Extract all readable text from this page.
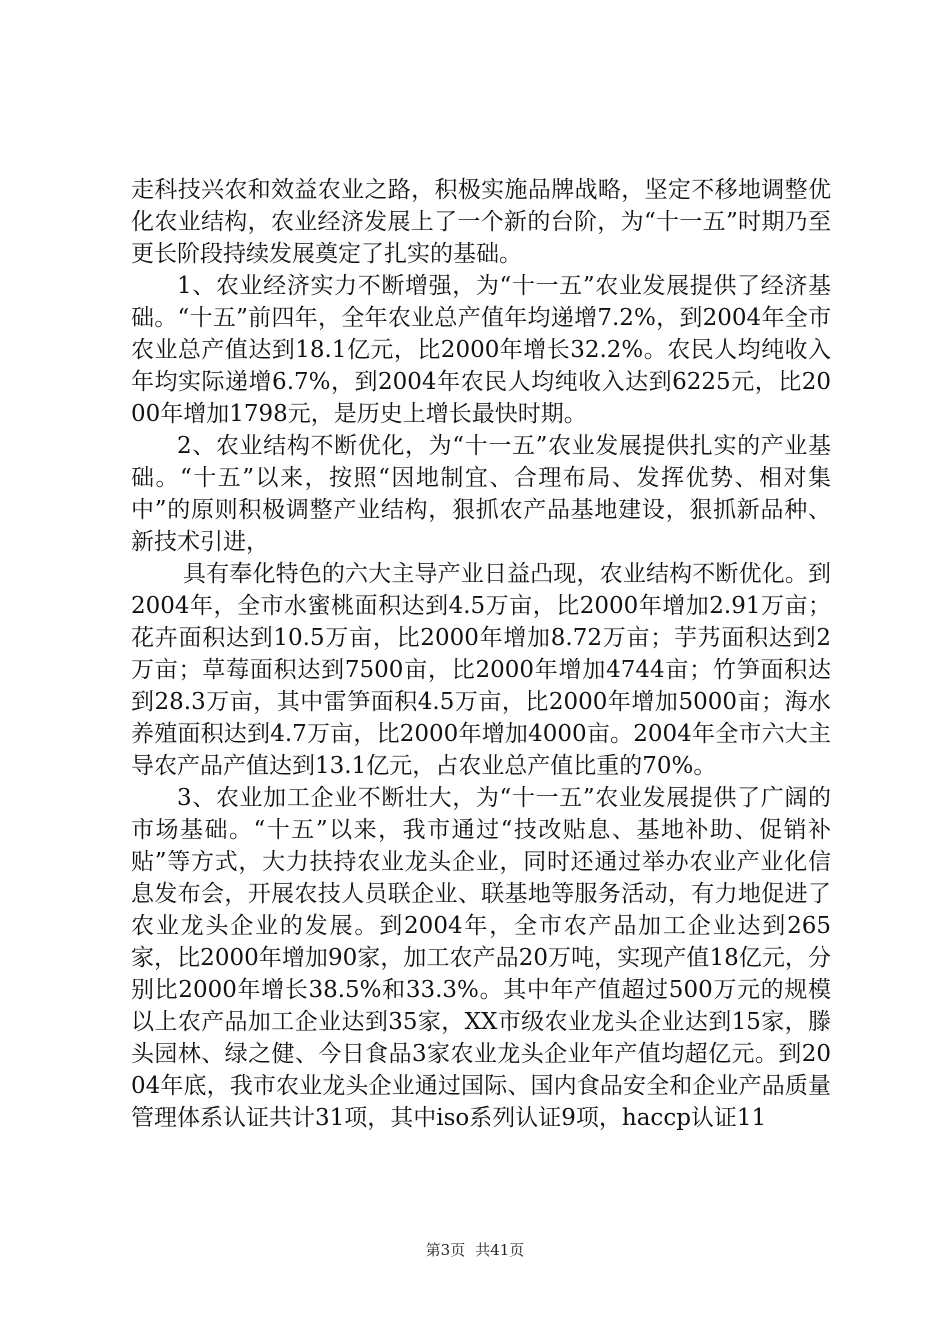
走科技兴农和效益农业之路，积极实施品牌战略，坚定不移地调整优化农业结构，农业经济发展上了一个新的台阶，为“十一五”时期乃至更长阶段持续发展奠定了扎实的基础。

1、农业经济实力不断增强，为“十一五”农业发展提供了经济基础。“十五”前四年，全年农业总产值年均递增7.2%，到2004年全市农业总产值达到18.1亿元，比2000年增长32.2%。农民人均纯收入年均实际递增6.7%，到2004年农民人均纯收入达到6225元，比2000年增加1798元，是历史上增长最快时期。

2、农业结构不断优化，为“十一五”农业发展提供扎实的产业基础。“十五”以来，按照“因地制宜、合理布局、发挥优势、相对集中”的原则积极调整产业结构，狠抓农产品基地建设，狠抓新品种、新技术引进，

具有奉化特色的六大主导产业日益凸现，农业结构不断优化。到2004年，全市水蜜桃面积达到4.5万亩，比2000年增加2.91万亩；花卉面积达到10.5万亩，比2000年增加8.72万亩；芋艿面积达到2万亩；草莓面积达到7500亩，比2000年增加4744亩；竹笋面积达到28.3万亩，其中雷笋面积4.5万亩，比2000年增加5000亩；海水养殖面积达到4.7万亩，比2000年增加4000亩。2004年全市六大主导农产品产值达到13.1亿元，占农业总产值比重的70%。

3、农业加工企业不断壮大，为“十一五”农业发展提供了广阔的市场基础。“十五”以来，我市通过“技改贴息、基地补助、促销补贴”等方式，大力扶持农业龙头企业，同时还通过举办农业产业化信息发布会，开展农技人员联企业、联基地等服务活动，有力地促进了农业龙头企业的发展。到2004年，全市农产品加工企业达到265家，比2000年增加90家，加工农产品20万吨，实现产值18亿元，分别比2000年增长38.5%和33.3%。其中年产值超过500万元的规模以上农产品加工企业达到35家，XX市级农业龙头企业达到15家，滕头园林、绿之健、今日食品3家农业龙头企业年产值均超亿元。到2004年底，我市农业龙头企业通过国际、国内食品安全和企业产品质量管理体系认证共计31项，其中iso系列认证9项，haccp认证11

第3页 共41页
